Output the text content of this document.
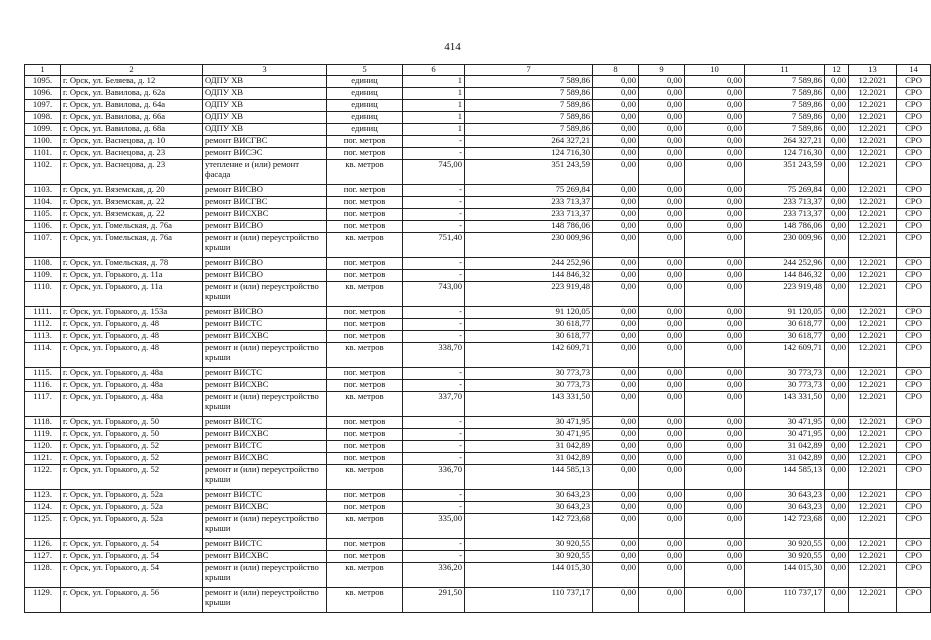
414
1	2	3	5	6	7	8	9	10	11	12	13	14
1095.	г. Орск, ул. Беляева, д. 12	ОДПУ ХВ	единиц	1	7 589,86	0,00	0,00	0,00	7 589,86	0,00	12.2021	СРО
1096.	г. Орск, ул. Вавилова, д. 62а	ОДПУ ХВ	единиц	1	7 589,86	0,00	0,00	0,00	7 589,86	0,00	12.2021	СРО
1097.	г. Орск, ул. Вавилова, д. 64а	ОДПУ ХВ	единиц	1	7 589,86	0,00	0,00	0,00	7 589,86	0,00	12.2021	СРО
1098.	г. Орск, ул. Вавилова, д. 66а	ОДПУ ХВ	единиц	1	7 589,86	0,00	0,00	0,00	7 589,86	0,00	12.2021	СРО
1099.	г. Орск, ул. Вавилова, д. 68а	ОДПУ ХВ	единиц	1	7 589,86	0,00	0,00	0,00	7 589,86	0,00	12.2021	СРО
1100.	г. Орск, ул. Васнецова, д. 10	ремонт ВИСГВС	пог. метров	-	264 327,21	0,00	0,00	0,00	264 327,21	0,00	12.2021	СРО
1101.	г. Орск, ул. Васнецова, д. 23	ремонт ВИСЭС	пог. метров	-	124 716,30	0,00	0,00	0,00	124 716,30	0,00	12.2021	СРО
1102.	г. Орск, ул. Васнецова, д. 23	утепление и (или) ремонт фасада	кв. метров	745,00	351 243,59	0,00	0,00	0,00	351 243,59	0,00	12.2021	СРО
1103.	г. Орск, ул. Вяземская, д. 20	ремонт ВИСВО	пог. метров	-	75 269,84	0,00	0,00	0,00	75 269,84	0,00	12.2021	СРО
1104.	г. Орск, ул. Вяземская, д. 22	ремонт ВИСГВС	пог. метров	-	233 713,37	0,00	0,00	0,00	233 713,37	0,00	12.2021	СРО
1105.	г. Орск, ул. Вяземская, д. 22	ремонт ВИСХВС	пог. метров	-	233 713,37	0,00	0,00	0,00	233 713,37	0,00	12.2021	СРО
1106.	г. Орск, ул. Гомельская, д. 76а	ремонт ВИСВО	пог. метров	-	148 786,06	0,00	0,00	0,00	148 786,06	0,00	12.2021	СРО
1107.	г. Орск, ул. Гомельская, д. 76а	ремонт и (или) переустройство крыши	кв. метров	751,40	230 009,96	0,00	0,00	0,00	230 009,96	0,00	12.2021	СРО
1108.	г. Орск, ул. Гомельская, д. 78	ремонт ВИСВО	пог. метров	-	244 252,96	0,00	0,00	0,00	244 252,96	0,00	12.2021	СРО
1109.	г. Орск, ул. Горького, д. 11а	ремонт ВИСВО	пог. метров	-	144 846,32	0,00	0,00	0,00	144 846,32	0,00	12.2021	СРО
1110.	г. Орск, ул. Горького, д. 11а	ремонт и (или) переустройство крыши	кв. метров	743,00	223 919,48	0,00	0,00	0,00	223 919,48	0,00	12.2021	СРО
1111.	г. Орск, ул. Горького, д. 153а	ремонт ВИСВО	пог. метров	-	91 120,05	0,00	0,00	0,00	91 120,05	0,00	12.2021	СРО
1112.	г. Орск, ул. Горького, д. 48	ремонт ВИСТС	пог. метров	-	30 618,77	0,00	0,00	0,00	30 618,77	0,00	12.2021	СРО
1113.	г. Орск, ул. Горького, д. 48	ремонт ВИСХВС	пог. метров	-	30 618,77	0,00	0,00	0,00	30 618,77	0,00	12.2021	СРО
1114.	г. Орск, ул. Горького, д. 48	ремонт и (или) переустройство крыши	кв. метров	338,70	142 609,71	0,00	0,00	0,00	142 609,71	0,00	12.2021	СРО
1115.	г. Орск, ул. Горького, д. 48а	ремонт ВИСТС	пог. метров	-	30 773,73	0,00	0,00	0,00	30 773,73	0,00	12.2021	СРО
1116.	г. Орск, ул. Горького, д. 48а	ремонт ВИСХВС	пог. метров	-	30 773,73	0,00	0,00	0,00	30 773,73	0,00	12.2021	СРО
1117.	г. Орск, ул. Горького, д. 48а	ремонт и (или) переустройство крыши	кв. метров	337,70	143 331,50	0,00	0,00	0,00	143 331,50	0,00	12.2021	СРО
1118.	г. Орск, ул. Горького, д. 50	ремонт ВИСТС	пог. метров	-	30 471,95	0,00	0,00	0,00	30 471,95	0,00	12.2021	СРО
1119.	г. Орск, ул. Горького, д. 50	ремонт ВИСХВС	пог. метров	-	30 471,95	0,00	0,00	0,00	30 471,95	0,00	12.2021	СРО
1120.	г. Орск, ул. Горького, д. 52	ремонт ВИСТС	пог. метров	-	31 042,89	0,00	0,00	0,00	31 042,89	0,00	12.2021	СРО
1121.	г. Орск, ул. Горького, д. 52	ремонт ВИСХВС	пог. метров	-	31 042,89	0,00	0,00	0,00	31 042,89	0,00	12.2021	СРО
1122.	г. Орск, ул. Горького, д. 52	ремонт и (или) переустройство крыши	кв. метров	336,70	144 585,13	0,00	0,00	0,00	144 585,13	0,00	12.2021	СРО
1123.	г. Орск, ул. Горького, д. 52а	ремонт ВИСТС	пог. метров	-	30 643,23	0,00	0,00	0,00	30 643,23	0,00	12.2021	СРО
1124.	г. Орск, ул. Горького, д. 52а	ремонт ВИСХВС	пог. метров	-	30 643,23	0,00	0,00	0,00	30 643,23	0,00	12.2021	СРО
1125.	г. Орск, ул. Горького, д. 52а	ремонт и (или) переустройство крыши	кв. метров	335,00	142 723,68	0,00	0,00	0,00	142 723,68	0,00	12.2021	СРО
1126.	г. Орск, ул. Горького, д. 54	ремонт ВИСТС	пог. метров	-	30 920,55	0,00	0,00	0,00	30 920,55	0,00	12.2021	СРО
1127.	г. Орск, ул. Горького, д. 54	ремонт ВИСХВС	пог. метров	-	30 920,55	0,00	0,00	0,00	30 920,55	0,00	12.2021	СРО
1128.	г. Орск, ул. Горького, д. 54	ремонт и (или) переустройство крыши	кв. метров	336,20	144 015,30	0,00	0,00	0,00	144 015,30	0,00	12.2021	СРО
1129.	г. Орск, ул. Горького, д. 56	ремонт и (или) переустройство крыши	кв. метров	291,50	110 737,17	0,00	0,00	0,00	110 737,17	0,00	12.2021	СРО
